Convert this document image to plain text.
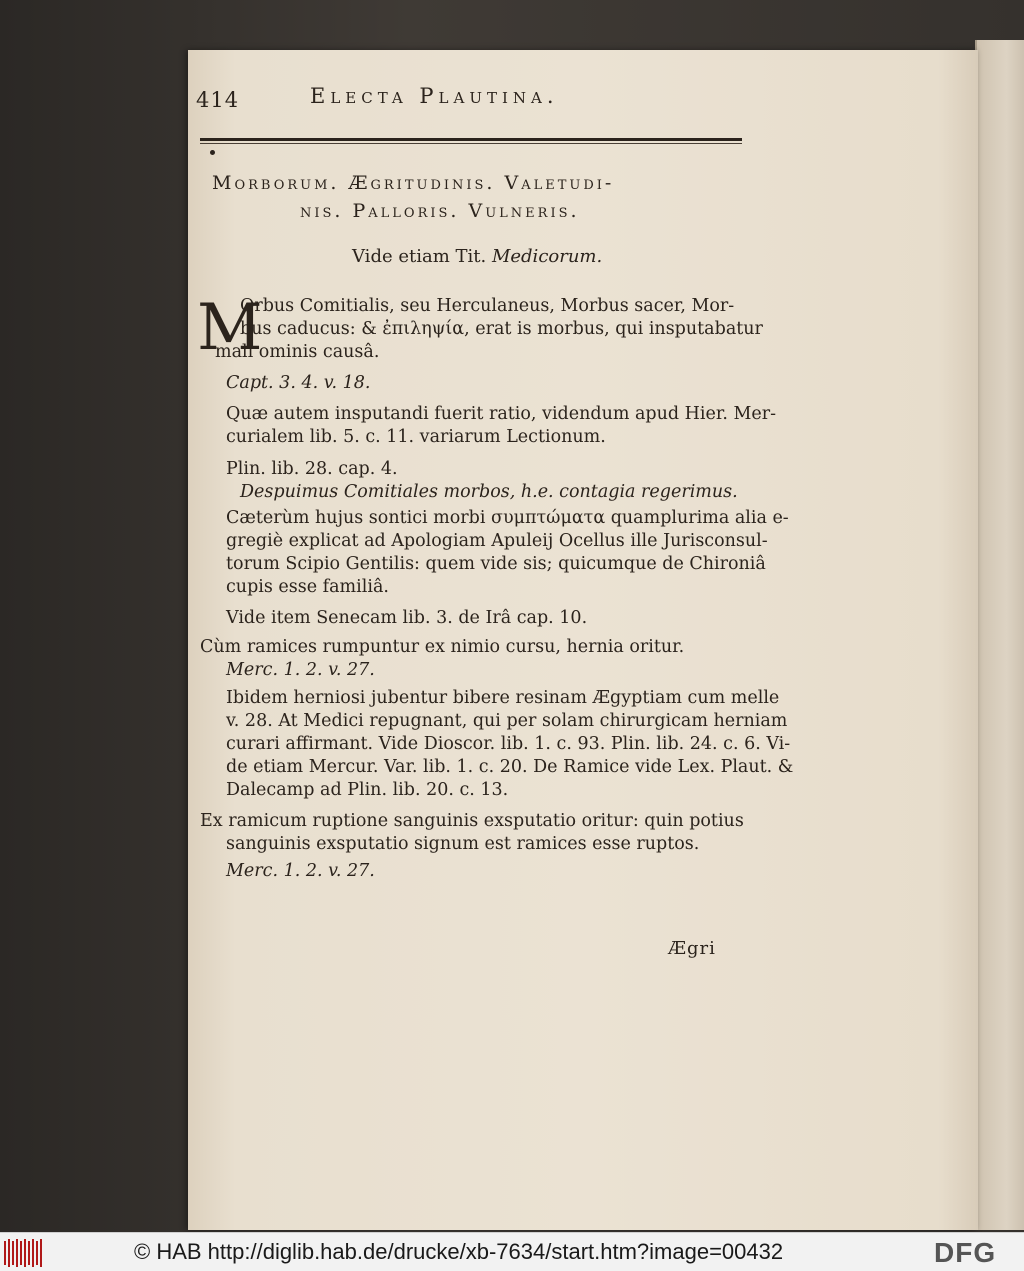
414	Electa Plautina.
Morborum. Ægritudinis. Valetudi-
nis. Palloris. Vulneris.
Vide etiam Tit. Medicorum.
M
Orbus Comitialis, seu Herculaneus, Morbus sacer, Mor-
bus caducus: & ἐπιληψία, erat is morbus, qui insputabatur
mali ominis causâ.
Capt. 3. 4. v. 18.
Quæ autem insputandi fuerit ratio, videndum apud Hier. Mer-
curialem lib. 5. c. 11. variarum Lectionum.
Plin. lib. 28. cap. 4.
Despuimus Comitiales morbos, h.e. contagia regerimus.
Cæterùm hujus sontici morbi συμπτώματα quamplurima alia e-
gregiè explicat ad Apologiam Apuleij Ocellus ille Jurisconsul-
torum Scipio Gentilis: quem vide sis; quicumque de Chironiâ
cupis esse familiâ.
Vide item Senecam lib. 3. de Irâ cap. 10.
Cùm ramices rumpuntur ex nimio cursu, hernia oritur.
Merc. 1. 2. v. 27.
Ibidem herniosi jubentur bibere resinam Ægyptiam cum melle
v. 28. At Medici repugnant, qui per solam chirurgicam herniam
curari affirmant. Vide Dioscor. lib. 1. c. 93. Plin. lib. 24. c. 6. Vi-
de etiam Mercur. Var. lib. 1. c. 20. De Ramice vide Lex. Plaut. &
Dalecamp ad Plin. lib. 20. c. 13.
Ex ramicum ruptione sanguinis exsputatio oritur: quin potius
sanguinis exsputatio signum est ramices esse ruptos.
Merc. 1. 2. v. 27.
Ægri
© HAB http://diglib.hab.de/drucke/xb-7634/start.htm?image=00432	DFG
